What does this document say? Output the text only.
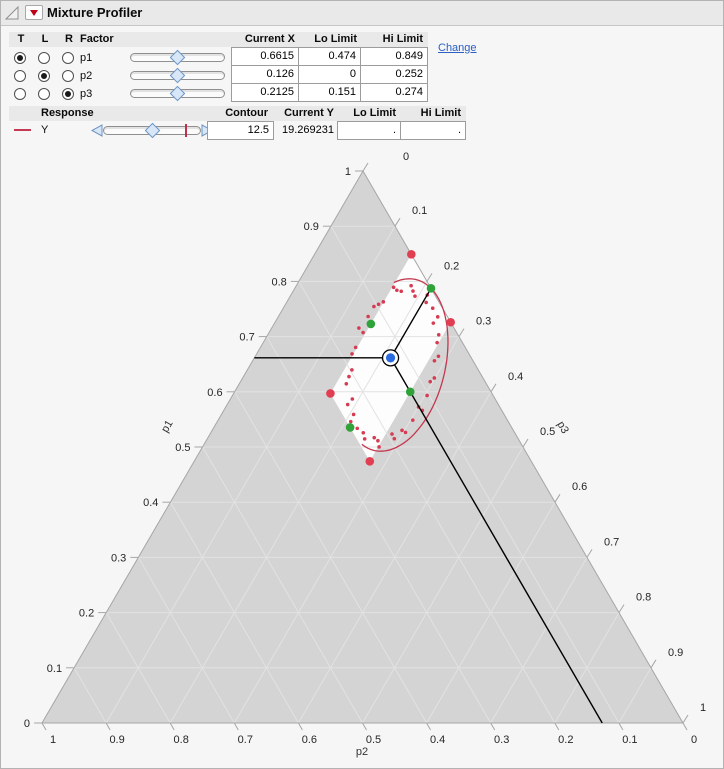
0
0
0
0.1
0.1
0.1
0.2
0.2
0.2
0.3
0.3
0.3
0.4
0.4
0.4
0.5
0.5
0.5
0.6
0.6
0.6
0.7
0.7
0.7
0.8
0.8
0.8
0.9
0.9
0.9
1
1
1
p1
p2
p3
Mixture Profiler
T L R Factor	Current X	Lo Limit	Hi Limit
Change
p1	0.6615	0.474	0.849
p2	0.126	0	0.252
p3	0.2125	0.151	0.274
Response	Contour	Current Y	Lo Limit	Hi Limit
Y	12.5	19.269231	.	.
